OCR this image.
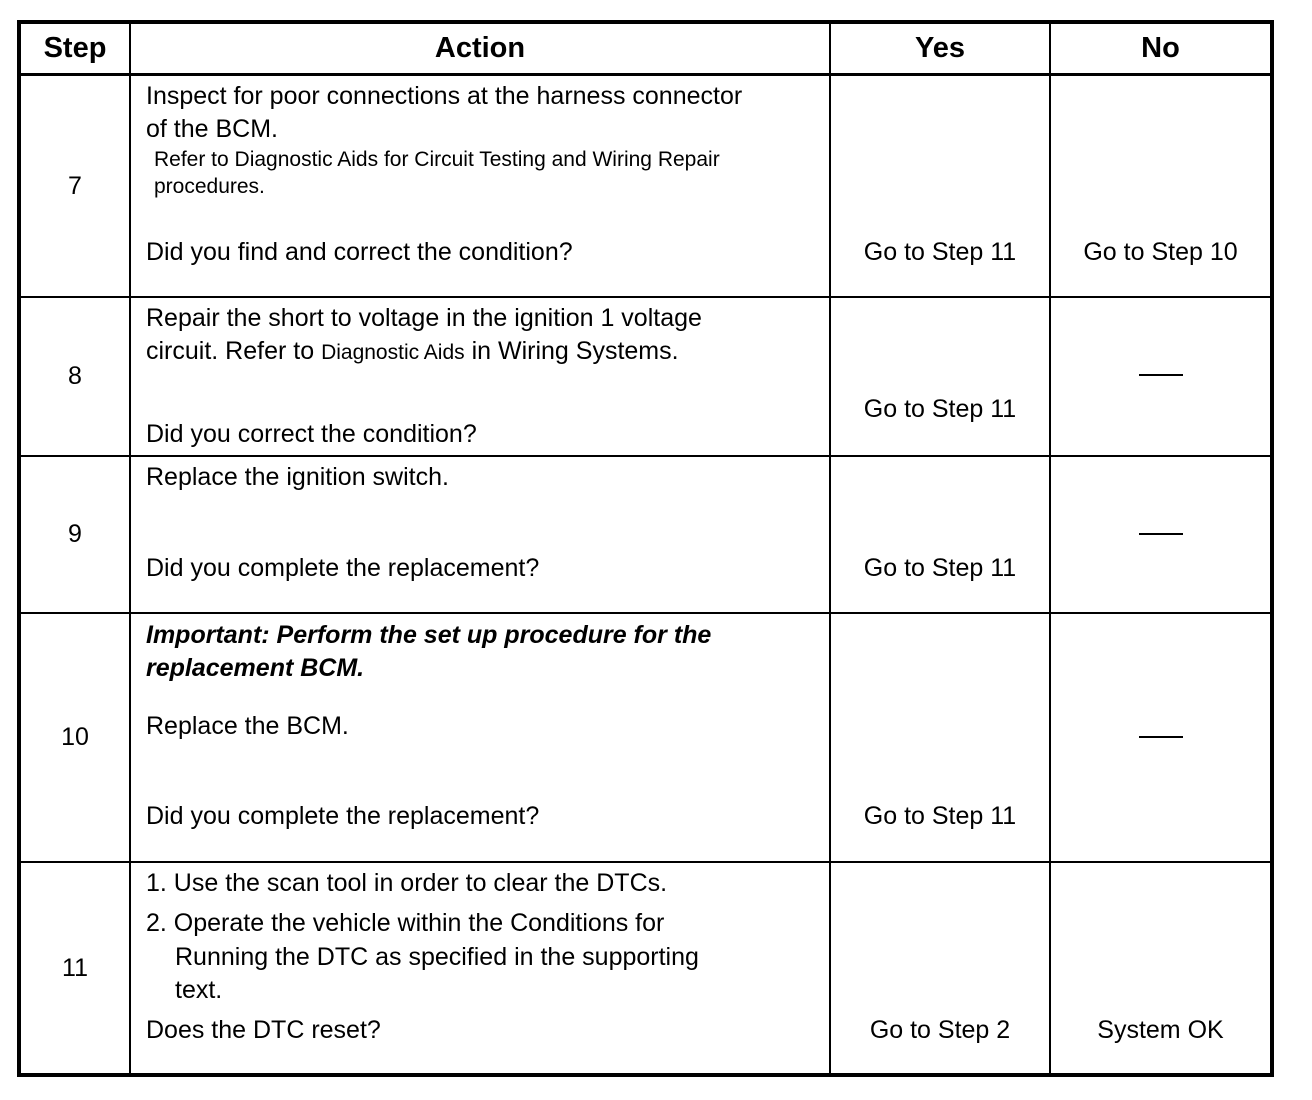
Step	Action	Yes	No
7	Inspect for poor connections at the harness connector
of the BCM.
Refer to Diagnostic Aids for Circuit Testing and Wiring Repair
procedures.
Did you find and correct the condition?	Go to Step 11	Go to Step 10

8	Repair the short to voltage in the ignition 1 voltage
circuit. Refer to Diagnostic Aids in Wiring Systems.
Did you correct the condition?	Go to Step 11	

9	Replace the ignition switch.
Did you complete the replacement?	Go to Step 11	

10	Important: Perform the set up procedure for the
replacement BCM.
Replace the BCM.
Did you complete the replacement?	Go to Step 11	

11	1. Use the scan tool in order to clear the DTCs.
2. Operate the vehicle within the Conditions for
Running the DTC as specified in the supporting
text.
Does the DTC reset?	Go to Step 2	System OK
